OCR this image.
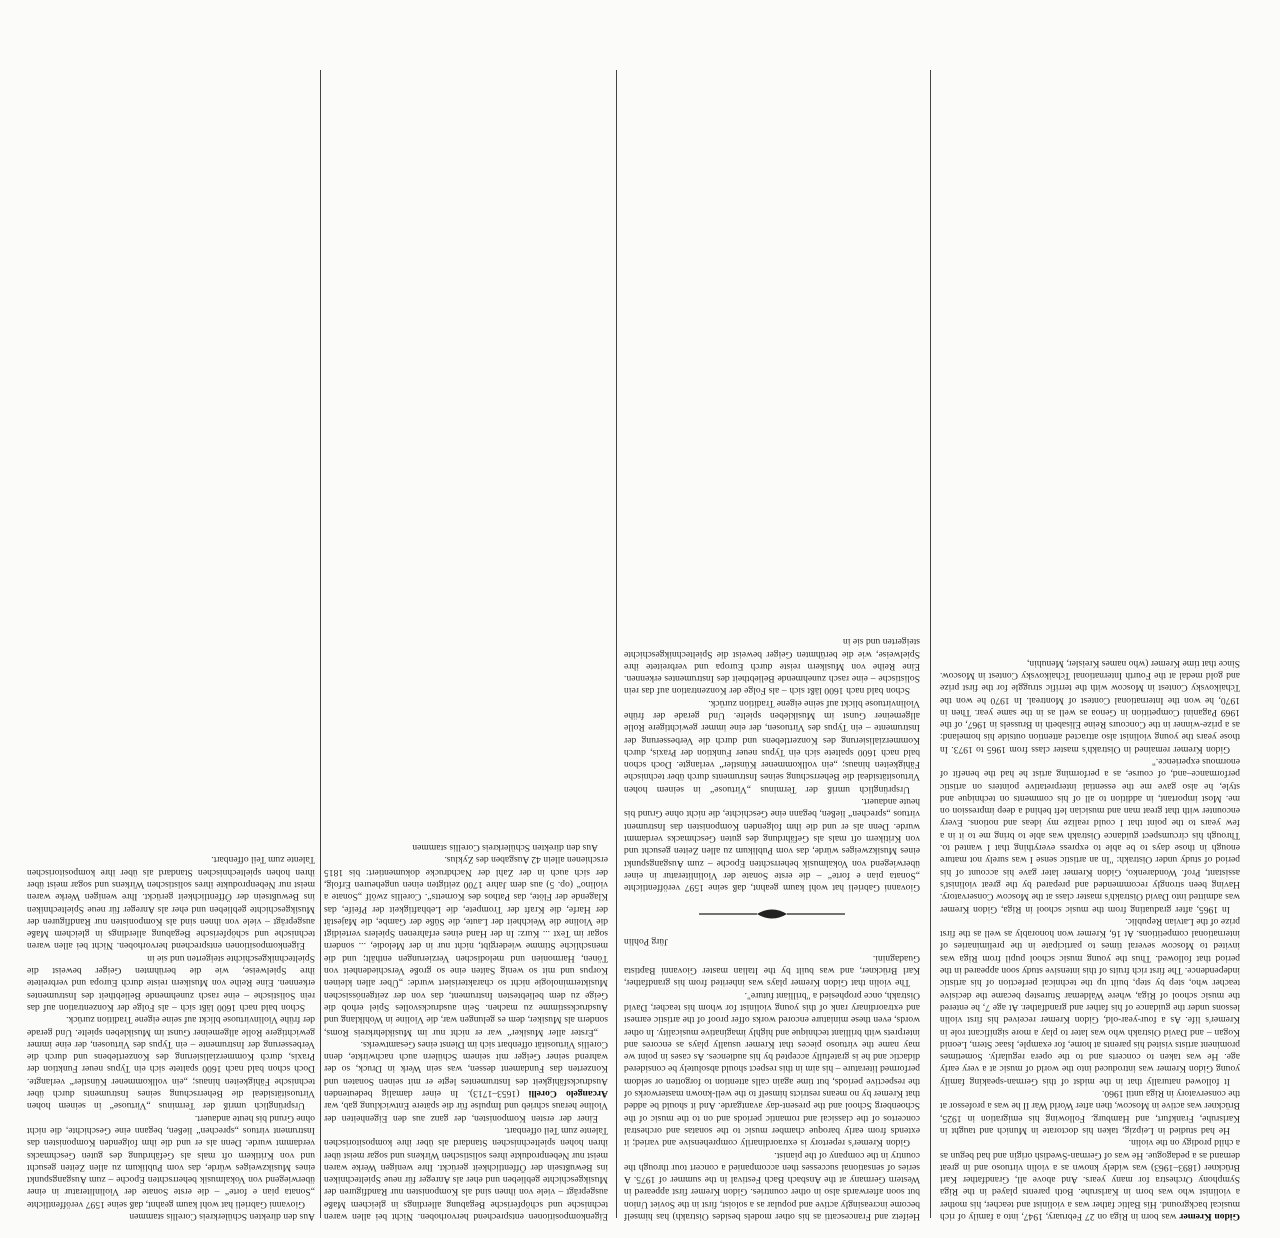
Gidon Kremer was born in Riga on 27 February, 1947, into a family of rich musical background. His Baltic father was a violinist and teacher, his mother a violinist who was born in Karlsruhe. Both parents played in the Riga Symphony Orchestra for many years. And above all, Grandfather Karl Brückner (1893–1963) was widely known as a violin virtuoso and in great demand as a pedagogue. He was of German-Swedish origin and had begun as a child prodigy on the violin.

He had studied in Leipzig, taken his doctorate in Munich and taught in Karlsruhe, Frankfurt, and Hamburg. Following his emigration in 1925, Brückner was active in Moscow, then after World War II he was a professor at the conservatory in Riga until 1960.

It followed naturally that in the midst of this German-speaking family young Gidon Kremer was introduced into the world of music at a very early age. He was taken to concerts and to the opera regularly. Sometimes prominent artists visited his parents at home, for example, Isaac Stern, Leonid Kogan – and David Oistrakh who was later to play a more significant role in Kremer's life. As a four-year-old, Gidon Kremer received his first violin lessons under the guidance of his father and grandfather. At age 7, he entered the music school of Riga, where Waldemar Sturestep became the decisive teacher who, step by step, built up the technical perfection of his artistic independence. The first rich fruits of this intensive study soon appeared in the period that followed. Thus the young music school pupil from Riga was invited to Moscow several times to participate in the preliminaries of international competitions. At 16, Kremer won honorably as well as the first prize of the Latvian Republic.

In 1965, after graduating from the music school in Riga, Gidon Kremer was admitted into David Oistrakh's master class at the Moscow Conservatory. Having been strongly recommended and prepared by the great violinist's assistant, Prof. Wondarenko, Gidon Kremer later gave his account of his period of study under Oistrakh: "In an artistic sense I was surely not mature enough in those days to be able to express everything that I wanted to. Through his circumspect guidance Oistrakh was able to bring me to it in a few years to the point that I could realize my ideas and notions. Every encounter with that great man and musician left behind a deep impression on me. Most important, in addition to all of his comments on technique and style, he also gave me the essential interpretative pointers on artistic performance–and, of course, as a performing artist he had the benefit of enormous experience."

Gidon Kremer remained in Oistrakh's master class from 1965 to 1973. In those years the young violinist also attracted attention outside his homeland: as a prize-winner in the Concours Reine Elisabeth in Brussels in 1967, of the 1969 Paganini Competition in Genoa as well as in the same year. Then in 1970, he won the International Contest of Montreal. In 1970 he won the Tchaikovsky Contest in Moscow with the terrific struggle for the first prize and gold medal at the Fourth International Tchaikovsky Contest in Moscow. Since that time Kremer (who names Kreisler, Menuhin,

Heifetz and Francescatti as his other models besides Oistrakh) has himself become increasingly active and popular as a soloist, first in the Soviet Union but soon afterwards also in other countries. Gidon Kremer first appeared in Western Germany at the Ansbach Bach Festival in the summer of 1975. A series of sensational successes then accompanied a concert tour through the country in the company of the pianist.

Gidon Kremer's repertory is extraordinarily comprehensive and varied; it extends from early baroque chamber music to the sonatas and orchestral concertos of the classical and romantic periods and on to the music of the Schoenberg School and the present-day avantgarde. And it should be added that Kremer by no means restricts himself to the well-known masterworks of the respective periods, but time again calls attention to forgotten or seldom performed literature – his aim in this respect should absolutely be considered didactic and he is gratefully accepted by his audiences. As cases in point we may name the virtuoso pieces that Kremer usually plays as encores and interprets with brilliant technique and highly imaginative musicality. In other words, even these miniature encored works offer proof of the artistic earnest and extraordinary rank of this young violinist for whom his teacher, David Oistrakh, once prophesied a "brilliant future".

The violin that Gidon Kremer plays was inherited from his grandfather, Karl Brückner, and was built by the Italian master Giovanni Baptista Guadagnini.

Jürg Pohlin

Giovanni Gabrieli hat wohl kaum geahnt, daß seine 1597 veröffentlichte „Sonata pian e forte“ – die erste Sonate der Violinliteratur in einer überwiegend von Vokalmusik beherrschten Epoche – zum Ausgangspunkt eines Musikzweiges würde, das vom Publikum zu allen Zeiten gesucht und von Kritikern oft mals als Gefährdung des guten Geschmacks verdammt wurde. Denn als er und die ihm folgenden Komponisten das Instrument virtuos „sprechen“ ließen, begann eine Geschichte, die nicht ohne Grund bis heute andauert.

Ursprünglich umriß der Terminus „Virtuose“ in seinem hohen Virtuositätsideal die Beherrschung seines Instruments durch über technische Fähigkeiten hinaus; „ein vollkommener Künstler“ verlangte. Doch schon bald nach 1600 spaltete sich ein Typus neuer Funktion der Praxis, durch Kommerzialisierung des Konzertlebens und durch die Verbesserung der Instrumente – ein Typus des Virtuosen, der eine immer gewichtigere Rolle allgemeiner Gunst im Musikleben spielte. Und gerade der frühe Violinvirtuose blickt auf seine eigene Tradition zurück.

Schon bald nach 1600 läßt sich – als Folge der Konzentration auf das rein Solistische – eine rasch zunehmende Beliebtheit des Instrumentes erkennen. Eine Reihe von Musikern reiste durch Europa und verbreitete ihre Spielweise, wie die berühmten Geiger beweist die Spieltechnikgeschichte steigerten und sie in

Eigenkompositionen entsprechend hervorhoben. Nicht bei allen waren technische und schöpferische Begabung allerdings in gleichem Maße ausgeprägt – viele von ihnen sind als Komponisten nur Randfiguren der Musikgeschichte geblieben und eher als Anreger für neue Spieltechniken ins Bewußtsein der Öffentlichkeit gerückt. Ihre wenigen Werke waren meist nur Nebenprodukte ihres solistischen Wirkens und sogar meist über ihren hohen spieltechnischen Standard als über ihre kompositorischen Talente zum Teil offenbart.

Einer der ersten Komponisten, der ganz aus den Eigenheiten der Violine heraus schrieb und Impulse für die spätere Entwicklung gab, war Arcangelo Corelli (1653–1713). In einer damalig bedeutenden Ausdrucksfähigkeit des Instrumentes legte er mit seinen Sonaten und Konzerten das Fundament dessen, was sein Werk in Druck, so der wahrend seiner Geiger mit seinem Schülern auch nachwirkte, denn Corellis Virtuosität offenbart sich im Dienst eines Gesamtwerks.

„Erster aller Musiker“ war er nicht nur im Musiklehrkreis Roms, sondern als Musiker, dem es gelungen war, die Violine in Wohlklang und Ausdrucksstimme zu machen. Sein ausdrucksvolles Spiel erhob die Geige zu dem beliebtesten Instrument, das von der zeitgenössischen Musikterminologie nicht so charakterisiert wurde: „Über allen kleinen Korpus und mit so wenig Saiten eine so große Verschiedenheit von Tönen, Harmonien und melodischen Verzierungen enthält; und die menschliche Stimme wiedergibt, nicht nur in der Melodie, ... sondern sogar im Text ... Kurz: In der Hand eines erfahrenen Spielers verteidigt die Violine die Weichheit der Laute, die Süße der Gambe, die Majestät der Harfe, die Kraft der Trompete, die Lebhaftigkeit der Pfeife, das Klagende der Flöte, das Pathos des Kornetts“. Corellis zwölf „Sonate a violino“ (op. 5) aus dem Jahre 1700 zeitigten einen ungeheuren Erfolg, der sich auch in der Zahl der Nachdrucke dokumentiert: bis 1815 erschienen allein 42 Ausgaben des Zyklus.

Aus den direkten Schülerkreis Corellis stammen

Aus den direkten Schülerkreis Corellis stammen

Giovanni Gabrieli hat wohl kaum geahnt, daß seine 1597 veröffentlichte „Sonata pian e forte“ – die erste Sonate der Violinliteratur in einer überwiegend von Vokalmusik beherrschten Epoche – zum Ausgangspunkt eines Musikzweiges würde, das vom Publikum zu allen Zeiten gesucht und von Kritikern oft mals als Gefährdung des guten Geschmacks verdammt wurde. Denn als er und die ihm folgenden Komponisten das Instrument virtuos „sprechen“ ließen, begann eine Geschichte, die nicht ohne Grund bis heute andauert.

Ursprünglich umriß der Terminus „Virtuose“ in seinem hohen Virtuositätsideal die Beherrschung seines Instruments durch über technische Fähigkeiten hinaus; „ein vollkommener Künstler“ verlangte. Doch schon bald nach 1600 spaltete sich ein Typus neuer Funktion der Praxis, durch Kommerzialisierung des Konzertlebens und durch die Verbesserung der Instrumente – ein Typus des Virtuosen, der eine immer gewichtigere Rolle allgemeiner Gunst im Musikleben spielte. Und gerade der frühe Violinvirtuose blickt auf seine eigene Tradition zurück.

Schon bald nach 1600 läßt sich – als Folge der Konzentration auf das rein Solistische – eine rasch zunehmende Beliebtheit des Instrumentes erkennen. Eine Reihe von Musikern reiste durch Europa und verbreitete ihre Spielweise, wie die berühmten Geiger beweist die Spieltechnikgeschichte steigerten und sie in

Eigenkompositionen entsprechend hervorhoben. Nicht bei allen waren technische und schöpferische Begabung allerdings in gleichem Maße ausgeprägt – viele von ihnen sind als Komponisten nur Randfiguren der Musikgeschichte geblieben und eher als Anreger für neue Spieltechniken ins Bewußtsein der Öffentlichkeit gerückt. Ihre wenigen Werke waren meist nur Nebenprodukte ihres solistischen Wirkens und sogar meist über ihren hohen spieltechnischen Standard als über ihre kompositorischen Talente zum Teil offenbart.
